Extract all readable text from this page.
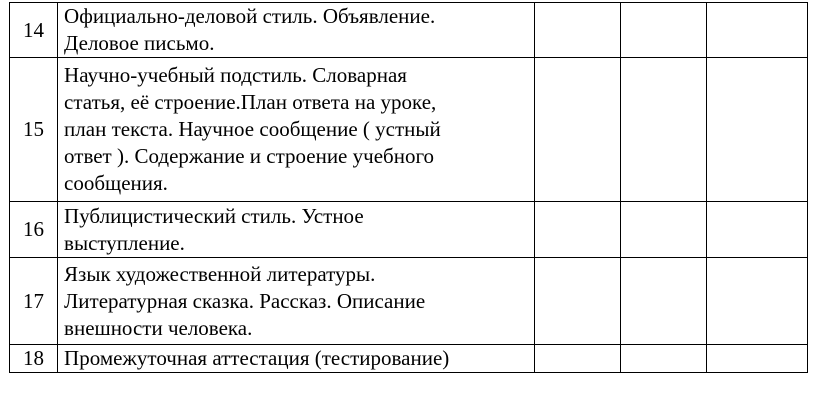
14	Официально-деловой стиль. Объявление.
Деловое письмо.			
15	Научно-учебный подстиль. Словарная
статья, её строение.План ответа на уроке,
план текста. Научное сообщение ( устный
ответ ). Содержание и строение учебного
сообщения.			
16	Публицистический стиль. Устное
выступление.			
17	Язык художественной литературы.
Литературная сказка. Рассказ. Описание
внешности человека.			
18	Промежуточная аттестация (тестирование)			
